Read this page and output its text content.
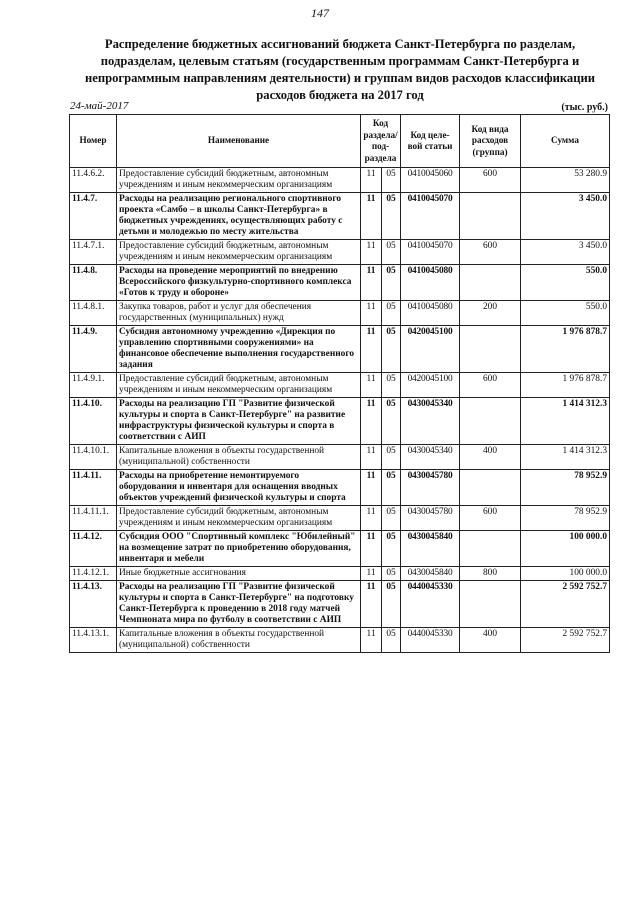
147
Распределение бюджетных ассигнований бюджета Санкт-Петербурга по разделам, подразделам, целевым статьям (государственным программам Санкт-Петербурга и непрограммным направлениям деятельности) и группам видов расходов классификации расходов бюджета на 2017 год
24-май-2017	(тыс. руб.)
Номер	Наименование	Код раздела/ под- раздела		Код целе- вой статьи	Код вида расходов (группа)	Сумма
11.4.6.2.	Предоставление субсидий бюджетным, автономным учреждениям и иным некоммерческим организациям	11	05	0410045060	600	53 280.9
11.4.7.	Расходы на реализацию регионального спортивного проекта «Самбо – в школы Санкт-Петербурга» в бюджетных учреждениях, осуществляющих работу с детьми и молодежью по месту жительства	11	05	0410045070		3 450.0
11.4.7.1.	Предоставление субсидий бюджетным, автономным учреждениям и иным некоммерческим организациям	11	05	0410045070	600	3 450.0
11.4.8.	Расходы на проведение мероприятий по внедрению Всероссийского физкультурно-спортивного комплекса «Готов к труду и обороне»	11	05	0410045080		550.0
11.4.8.1.	Закупка товаров, работ и услуг для обеспечения государственных (муниципальных) нужд	11	05	0410045080	200	550.0
11.4.9.	Субсидия автономному учреждению «Дирекция по управлению спортивными сооружениями» на финансовое обеспечение выполнения государственного задания	11	05	0420045100		1 976 878.7
11.4.9.1.	Предоставление субсидий бюджетным, автономным учреждениям и иным некоммерческим организациям	11	05	0420045100	600	1 976 878.7
11.4.10.	Расходы на реализацию ГП "Развитие физической культуры и спорта в Санкт-Петербурге" на развитие инфраструктуры физической культуры и спорта в соответствии с АИП	11	05	0430045340		1 414 312.3
11.4.10.1.	Капитальные вложения в объекты государственной (муниципальной) собственности	11	05	0430045340	400	1 414 312.3
11.4.11.	Расходы на приобретение немонтируемого оборудования и инвентаря для оснащения вводных объектов учреждений физической культуры и спорта	11	05	0430045780		78 952.9
11.4.11.1.	Предоставление субсидий бюджетным, автономным учреждениям и иным некоммерческим организациям	11	05	0430045780	600	78 952.9
11.4.12.	Субсидия ООО "Спортивный комплекс "Юбилейный" на возмещение затрат по приобретению оборудования, инвентаря и мебели	11	05	0430045840		100 000.0
11.4.12.1.	Иные бюджетные ассигнования	11	05	0430045840	800	100 000.0
11.4.13.	Расходы на реализацию ГП "Развитие физической культуры и спорта в Санкт-Петербурге" на подготовку Санкт-Петербурга к проведению в 2018 году матчей Чемпионата мира по футболу в соответствии с АИП	11	05	0440045330		2 592 752.7
11.4.13.1.	Капитальные вложения в объекты государственной (муниципальной) собственности	11	05	0440045330	400	2 592 752.7
